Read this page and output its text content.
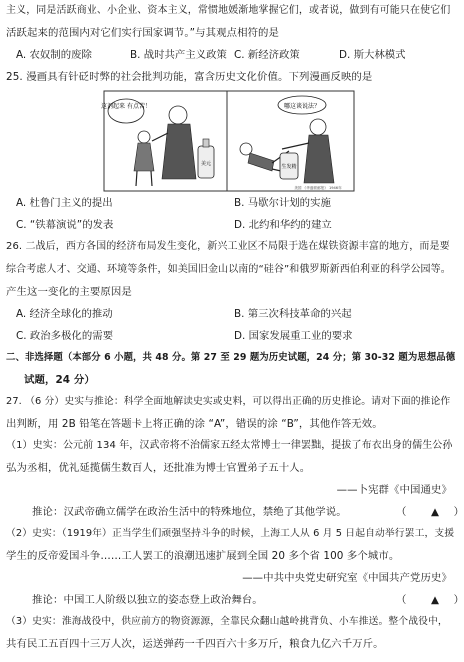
主义，同是活跃商业、小企业、资本主义，常惯地媛渐地掌握它们，或者说，做到有可能只在使它们
活跃起来的范围内对它们实行国家调节。”与其观点相符的是
A. 农奴制的废除	B. 战时共产主义政策 C. 新经济政策	D. 斯大林模式
25. 漫画具有针砭时弊的社会批判功能，富含历史文化价值。下列漫画反映的是
这剂起来 有点苦！
美元
哪这谈说法？
生发精
美国 《华盛顿邮报》 1946年
A. 杜鲁门主义的提出	B. 马歇尔计划的实施
C. “铁幕演说”的发表	D. 北约和华约的建立
26. 二战后，西方各国的经济布局发生变化，新兴工业区不局限于选在煤铁资源丰富的地方，而是要
综合考虑人才、交通、环境等条件，如美国旧金山以南的“硅谷”和俄罗斯新西伯利亚的科学公园等。
产生这一变化的主要原因是
A. 经济全球化的推动	B. 第三次科技革命的兴起
C. 政治多极化的需要	D. 国家发展重工业的要求
二、非选择题（本部分 6 小题，共 48 分。第 27 至 29 题为历史试题，24 分；第 30-32 题为思想品德
试题，24 分）
27. （6 分）史实与推论：科学全面地解读史实或史料，可以得出正确的历史推论。请对下面的推论作
出判断，用 2B 铅笔在答题卡上将正确的涂 “A”，错误的涂 “B”，其他作答无效。
（1）史实：公元前 134 年，汉武帝将不治儒家五经太常博士一律罢黜，提拔了布衣出身的儒生公孙
弘为丞相，优礼延揽儒生数百人，还批准为博士官置弟子五十人。
——卜宪群《中国通史》
推论：汉武帝确立儒学在政治生活中的特殊地位，禁绝了其他学说。	（ ▲ ）
（2）史实：（1919年）正当学生们顽强坚持斗争的时候，上海工人从 6 月 5 日起自动举行罢工，支援
学生的反帝爱国斗争……工人罢工的浪潮迅速扩展到全国 20 多个省 100 多个城市。
——中共中央党史研究室《中国共产党历史》
推论：中国工人阶级以独立的姿态登上政治舞台。	（ ▲ ）
（3）史实：淮海战役中，供应前方的物资源源，全靠民众翻山越岭挑背负、小车推送。整个战役中，
共有民工五百四十三万人次，运送弹药一千四百六十多万斤，粮食九亿六千万斤。
